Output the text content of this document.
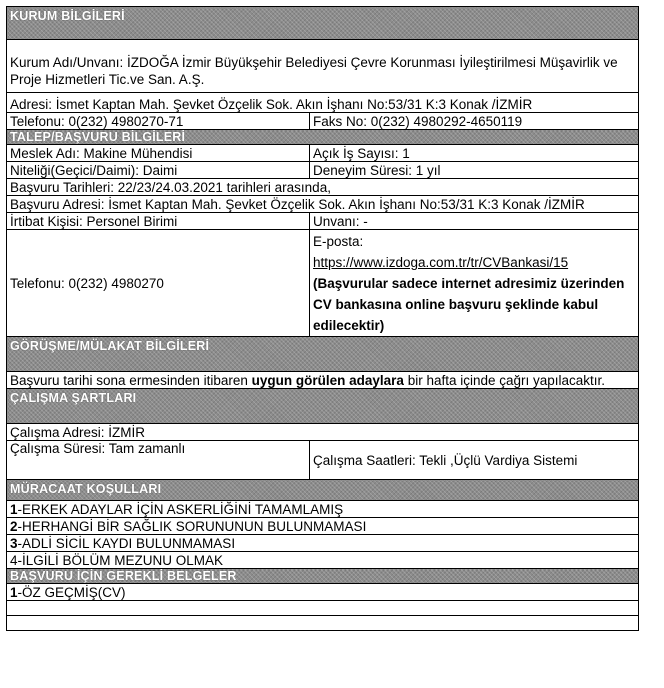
KURUM BİLGİLERİ	
Kurum Adı/Unvanı: İZDOĞA İzmir Büyükşehir Belediyesi Çevre Korunması İyileştirilmesi Müşavirlik ve Proje Hizmetleri Tic.ve San. A.Ş.	
Adresi: İsmet Kaptan Mah. Şevket Özçelik Sok. Akın İşhanı No:53/31 K:3 Konak /İZMİR	
Telefonu: 0(232) 4980270-71	Faks No: 0(232) 4980292-4650119
TALEP/BAŞVURU BİLGİLERİ	
Meslek Adı: Makine Mühendisi	Açık İş Sayısı: 1
Niteliği(Geçici/Daimi): Daimi	Deneyim Süresi: 1 yıl
Başvuru Tarihleri: 22/23/24.03.2021 tarihleri arasında,	
Başvuru Adresi: İsmet Kaptan Mah. Şevket Özçelik Sok. Akın İşhanı No:53/31 K:3 Konak /İZMİR	
İrtibat Kişisi: Personel Birimi	Unvanı: -
Telefonu: 0(232) 4980270	E-posta:
https://www.izdoga.com.tr/tr/CVBankasi/15
(Başvurular sadece internet adresimiz üzerinden CV bankasına online başvuru şeklinde kabul edilecektir)

GÖRÜŞME/MÜLAKAT BİLGİLERİ	
Başvuru tarihi sona ermesinden itibaren uygun görülen adaylara bir hafta içinde çağrı yapılacaktır.	
ÇALIŞMA ŞARTLARI	
Çalışma Adresi: İZMİR	
Çalışma Süresi: Tam zamanlı	Çalışma Saatleri: Tekli ,Üçlü Vardiya Sistemi
MÜRACAAT KOŞULLARI	
1-ERKEK ADAYLAR İÇİN ASKERLİĞİNİ TAMAMLAMIŞ	
2-HERHANGİ BİR SAĞLIK SORUNUNUN BULUNMAMASI	
3-ADLİ SİCİL KAYDI BULUNMAMASI	
4-İLGİLİ BÖLÜM MEZUNU OLMAK	
BAŞVURU İÇİN GEREKLİ BELGELER	
1-ÖZ GEÇMİŞ(CV)	
